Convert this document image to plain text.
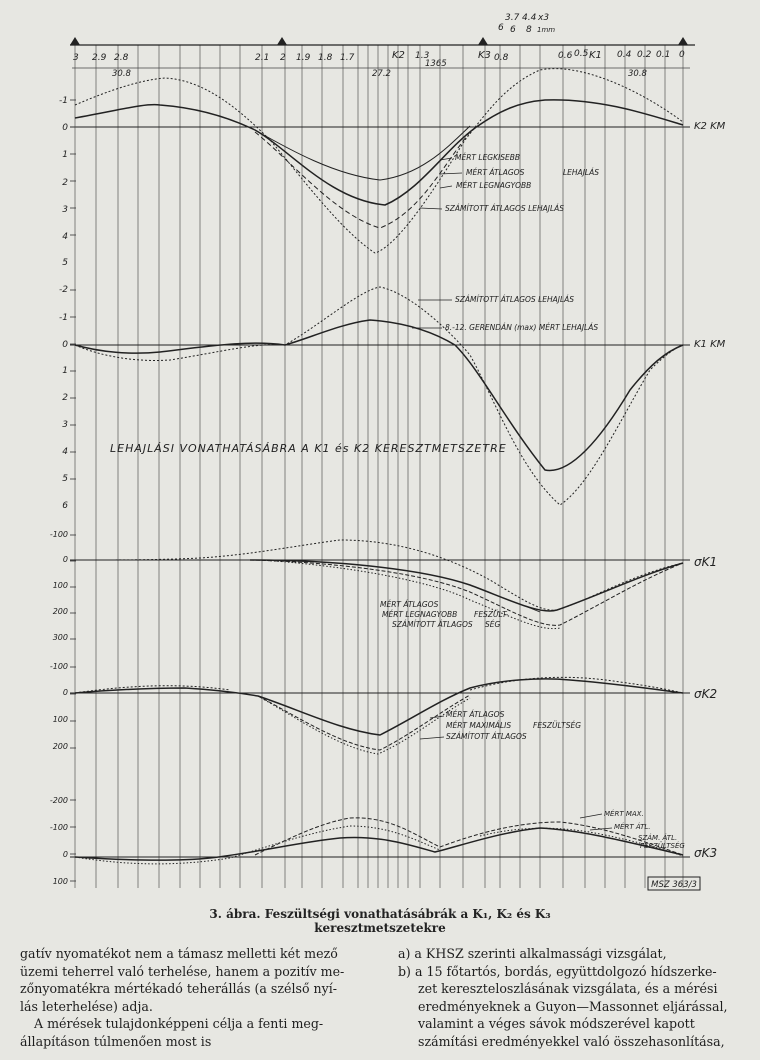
3 2.9 2.8	2.1 2 1.9 1.8 1.7	1.3
6
3.7 4.4 x3
6 8 1mm
0.8	0.6 0.5	0.4 0.2 0.1 0
K3
K2	K1
30.8	27.2
1365
30.8
-1
0
1
2
3
4
5
K2 KM
MÉRT LEGKISEBB
MÉRT ÁTLAGOS	LEHAJLÁS
MÉRT LEGNAGYOBB
SZÁMÍTOTT ÁTLAGOS LEHAJLÁS
-2
-1
0
1
2
3
4
5
6
K1 KM
SZÁMÍTOTT ÁTLAGOS LEHAJLÁS
8.-12. GERENDÁN (max) MÉRT LEHAJLÁS
LEHAJLÁSI VONATHATÁSÁBRA A K1 és K2 KERESZTMETSZETRE
-100
0
100
200
300
σK1
MÉRT ÁTLAGOS
MÉRT LEGNAGYOBB FESZÜLT-
SZÁMÍTOTT ÁTLAGOS SÉG
-100
0
100
200
σK2
MÉRT ÁTLAGOS
MÉRT MAXIMÁLIS	FESZÜLTSÉG
SZÁMÍTOTT ÁTLAGOS
-200
-100
0
100
σK3
MÉRT MAX.
MÉRT ÁTL.
SZÁM. ÁTL.
FESZÜLTSÉG
MSZ 363/3
3. ábra. Feszültségi vonathatásábrák a K₁, K₂ és K₃
keresztmetszetekre

gatív nyomatékot nem a támasz melletti két mező

üzemi teherrel való terhelése, hanem a pozitív me-

zőnyomatékra mértékadó teherállás (a szélső nyí-

lás leterhelése) adja.

A mérések tulajdonképpeni célja a fenti meg-

állapításon túlmenően most is

a) a KHSZ szerinti alkalmassági vizsgálat,

b) a 15 főtartós, bordás, együttdolgozó hídszerke-

zet kereszteloszlásának vizsgálata, és a mérési

eredményeknek a Guyon—Massonnet eljárással,

valamint a véges sávok módszerével kapott

számítási eredményekkel való összehasonlítása,
